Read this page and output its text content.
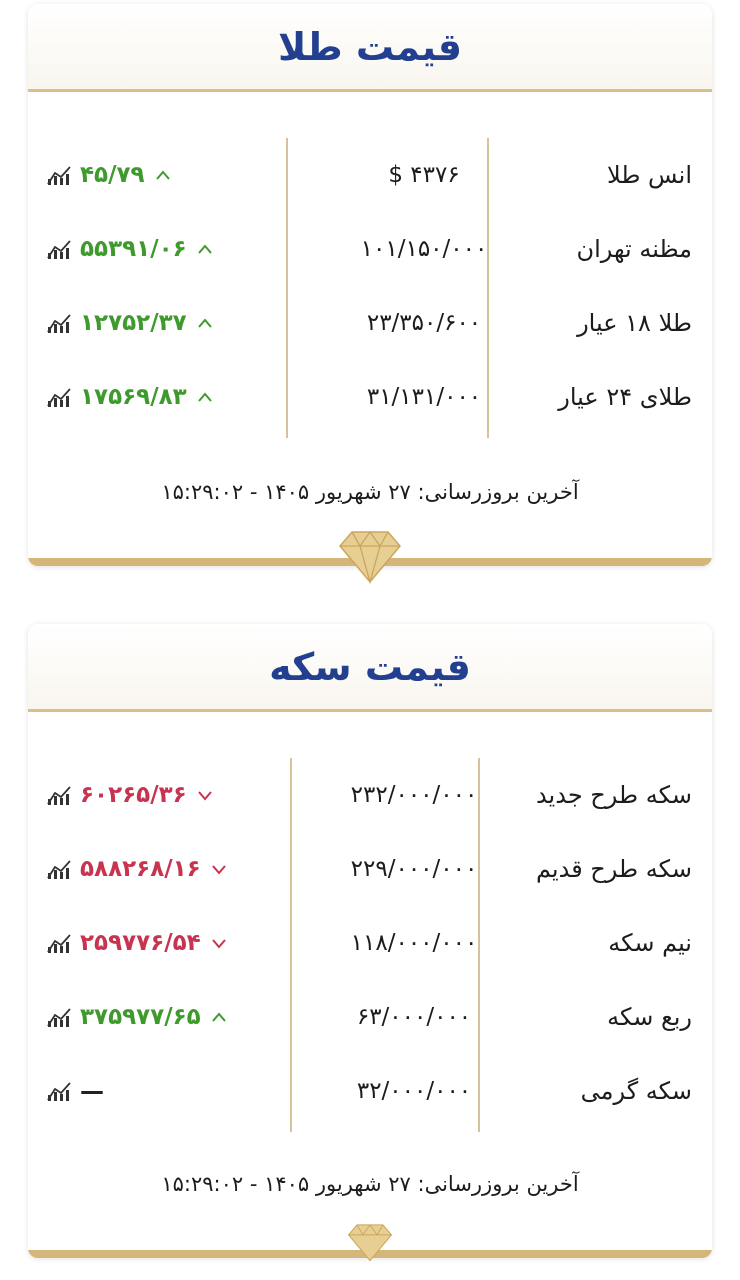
قیمت طلا
انس طلا
$ ۴۳۷۶
۴۵/۷۹
مظنه تهران
۱۰۱/۱۵۰/۰۰۰
۵۵۳۹۱/۰۶
طلا ۱۸ عیار
۲۳/۳۵۰/۶۰۰
۱۲۷۵۲/۳۷
طلای ۲۴ عیار
۳۱/۱۳۱/۰۰۰
۱۷۵۶۹/۸۳
آخرین بروزرسانی: ۲۷ شهریور ۱۴۰۵ - ۱۵:۲۹:۰۲
قیمت سکه
سکه طرح جدید
۲۳۲/۰۰۰/۰۰۰
۶۰۲۶۵/۳۶
سکه طرح قدیم
۲۲۹/۰۰۰/۰۰۰
۵۸۸۲۶۸/۱۶
نیم سکه
۱۱۸/۰۰۰/۰۰۰
۲۵۹۷۷۶/۵۴
ربع سکه
۶۳/۰۰۰/۰۰۰
۳۷۵۹۷۷/۶۵
سکه گرمی
۳۲/۰۰۰/۰۰۰
—
آخرین بروزرسانی: ۲۷ شهریور ۱۴۰۵ - ۱۵:۲۹:۰۲
